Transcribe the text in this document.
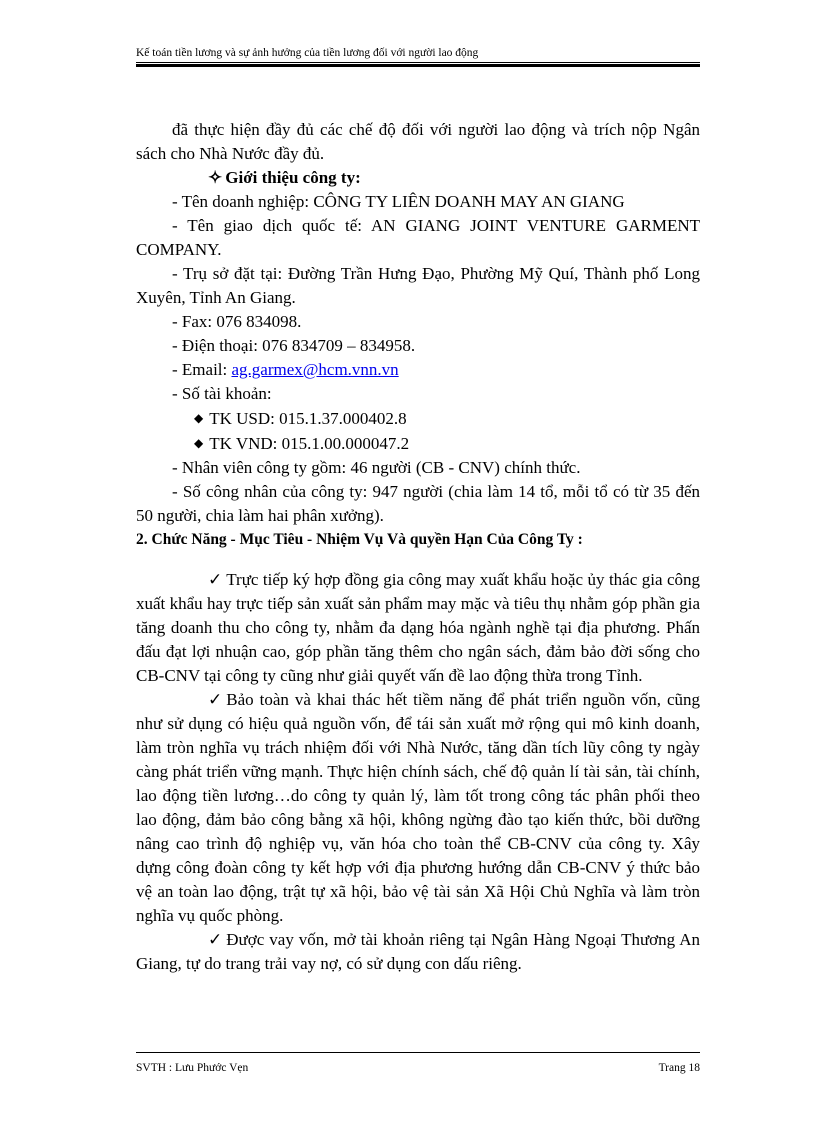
Kế toán tiền lương và sự ảnh hưởng của tiền lương đối với người lao động

đã thực hiện đầy đủ các chế độ đối với người lao động và trích nộp Ngân sách cho Nhà Nước đầy đủ.

✧ Giới thiệu công ty:

- Tên doanh nghiệp: CÔNG TY LIÊN DOANH MAY AN GIANG

- Tên giao dịch quốc tế: AN GIANG JOINT VENTURE GARMENT COMPANY.

- Trụ sở đặt tại: Đường Trần Hưng Đạo, Phường Mỹ Quí, Thành phố Long Xuyên, Tỉnh An Giang.

- Fax: 076 834098.

- Điện thoại: 076 834709 – 834958.

- Email: ag.garmex@hcm.vnn.vn

- Số tài khoản:

◆ TK USD: 015.1.37.000402.8

◆ TK VND: 015.1.00.000047.2

- Nhân viên công ty gồm: 46 người (CB - CNV) chính thức.

- Số công nhân của công ty: 947 người (chia làm 14 tổ, mỗi tổ có từ 35 đến 50 người, chia làm hai phân xưởng).

2. Chức Năng - Mục Tiêu - Nhiệm Vụ Và quyền Hạn Của Công Ty :

✓ Trực tiếp ký hợp đồng gia công may xuất khẩu hoặc ủy thác gia công xuất khẩu hay trực tiếp sản xuất sản phẩm may mặc và tiêu thụ nhằm góp phần gia tăng doanh thu cho công ty, nhằm đa dạng hóa ngành nghề tại địa phương. Phấn đấu đạt lợi nhuận cao, góp phần tăng thêm cho ngân sách, đảm bảo đời sống cho CB-CNV tại công ty cũng như giải quyết vấn đề lao động thừa trong Tỉnh.

✓ Bảo toàn và khai thác hết tiềm năng để phát triển nguồn vốn, cũng như sử dụng có hiệu quả nguồn vốn, để tái sản xuất mở rộng qui mô kinh doanh, làm tròn nghĩa vụ trách nhiệm đối với Nhà Nước, tăng dần tích lũy công ty ngày càng phát triển vững mạnh. Thực hiện chính sách, chế độ quản lí tài sản, tài chính, lao động tiền lương…do công ty quản lý, làm tốt trong công tác phân phối theo lao động, đảm bảo công bằng xã hội, không ngừng đào tạo kiến thức, bồi dưỡng nâng cao trình độ nghiệp vụ, văn hóa cho toàn thể CB-CNV của công ty. Xây dựng công đoàn công ty kết hợp với địa phương hướng dẫn CB-CNV ý thức bảo vệ an toàn lao động, trật tự xã hội, bảo vệ tài sản Xã Hội Chủ Nghĩa và làm tròn nghĩa vụ quốc phòng.

✓ Được vay vốn, mở tài khoản riêng tại Ngân Hàng Ngoại Thương An Giang, tự do trang trải vay nợ, có sử dụng con dấu riêng.

SVTH : Lưu Phước Vẹn	Trang 18
